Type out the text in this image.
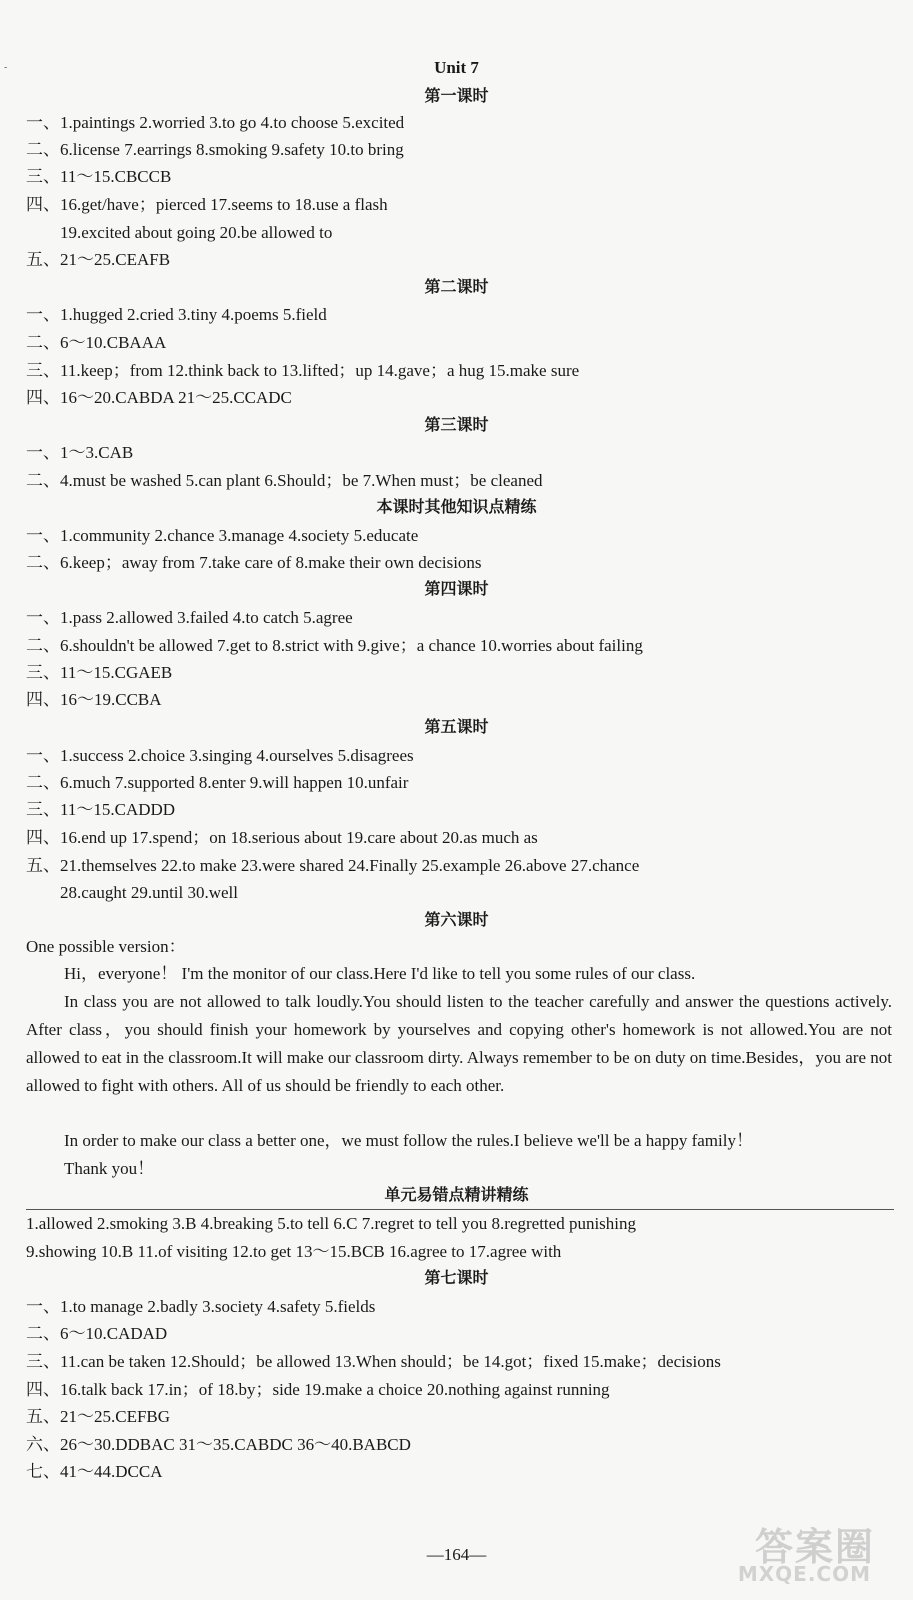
-	Unit 7
第一课时
一、1.paintings 2.worried 3.to go 4.to choose 5.excited
二、6.license 7.earrings 8.smoking 9.safety 10.to bring
三、11～15.CBCCB
四、16.get/have；pierced 17.seems to 18.use a flash
19.excited about going 20.be allowed to
五、21～25.CEAFB
第二课时
一、1.hugged 2.cried 3.tiny 4.poems 5.field
二、6～10.CBAAA
三、11.keep；from 12.think back to 13.lifted；up 14.gave；a hug 15.make sure
四、16～20.CABDA 21～25.CCADC
第三课时
一、1～3.CAB
二、4.must be washed 5.can plant 6.Should；be 7.When must；be cleaned
本课时其他知识点精练
一、1.community 2.chance 3.manage 4.society 5.educate
二、6.keep；away from 7.take care of 8.make their own decisions
第四课时
一、1.pass 2.allowed 3.failed 4.to catch 5.agree
二、6.shouldn't be allowed 7.get to 8.strict with 9.give；a chance 10.worries about failing
三、11～15.CGAEB
四、16～19.CCBA
第五课时
一、1.success 2.choice 3.singing 4.ourselves 5.disagrees
二、6.much 7.supported 8.enter 9.will happen 10.unfair
三、11～15.CADDD
四、16.end up 17.spend；on 18.serious about 19.care about 20.as much as
五、21.themselves 22.to make 23.were shared 24.Finally 25.example 26.above 27.chance
28.caught 29.until 30.well
第六课时
One possible version：
Hi，everyone！ I'm the monitor of our class.Here I'd like to tell you some rules of our class.
In class you are not allowed to talk loudly.You should listen to the teacher carefully and answer the questions actively. After class，you should finish your homework by yourselves and copying other's homework is not allowed.You are not allowed to eat in the classroom.It will make our classroom dirty. Always remember to be on duty on time.Besides，you are not allowed to fight with others. All of us should be friendly to each other.
In order to make our class a better one，we must follow the rules.I believe we'll be a happy family！
Thank you！
单元易错点精讲精练
1.allowed 2.smoking 3.B 4.breaking 5.to tell 6.C 7.regret to tell you 8.regretted punishing
9.showing 10.B 11.of visiting 12.to get 13～15.BCB 16.agree to 17.agree with
第七课时
一、1.to manage 2.badly 3.society 4.safety 5.fields
二、6～10.CADAD
三、11.can be taken 12.Should；be allowed 13.When should；be 14.got；fixed 15.make；decisions
四、16.talk back 17.in；of 18.by；side 19.make a choice 20.nothing against running
五、21～25.CEFBG
六、26～30.DDBAC 31～35.CABDC 36～40.BABCD
七、41～44.DCCA
—164—	答案圈
MXQE.COM
